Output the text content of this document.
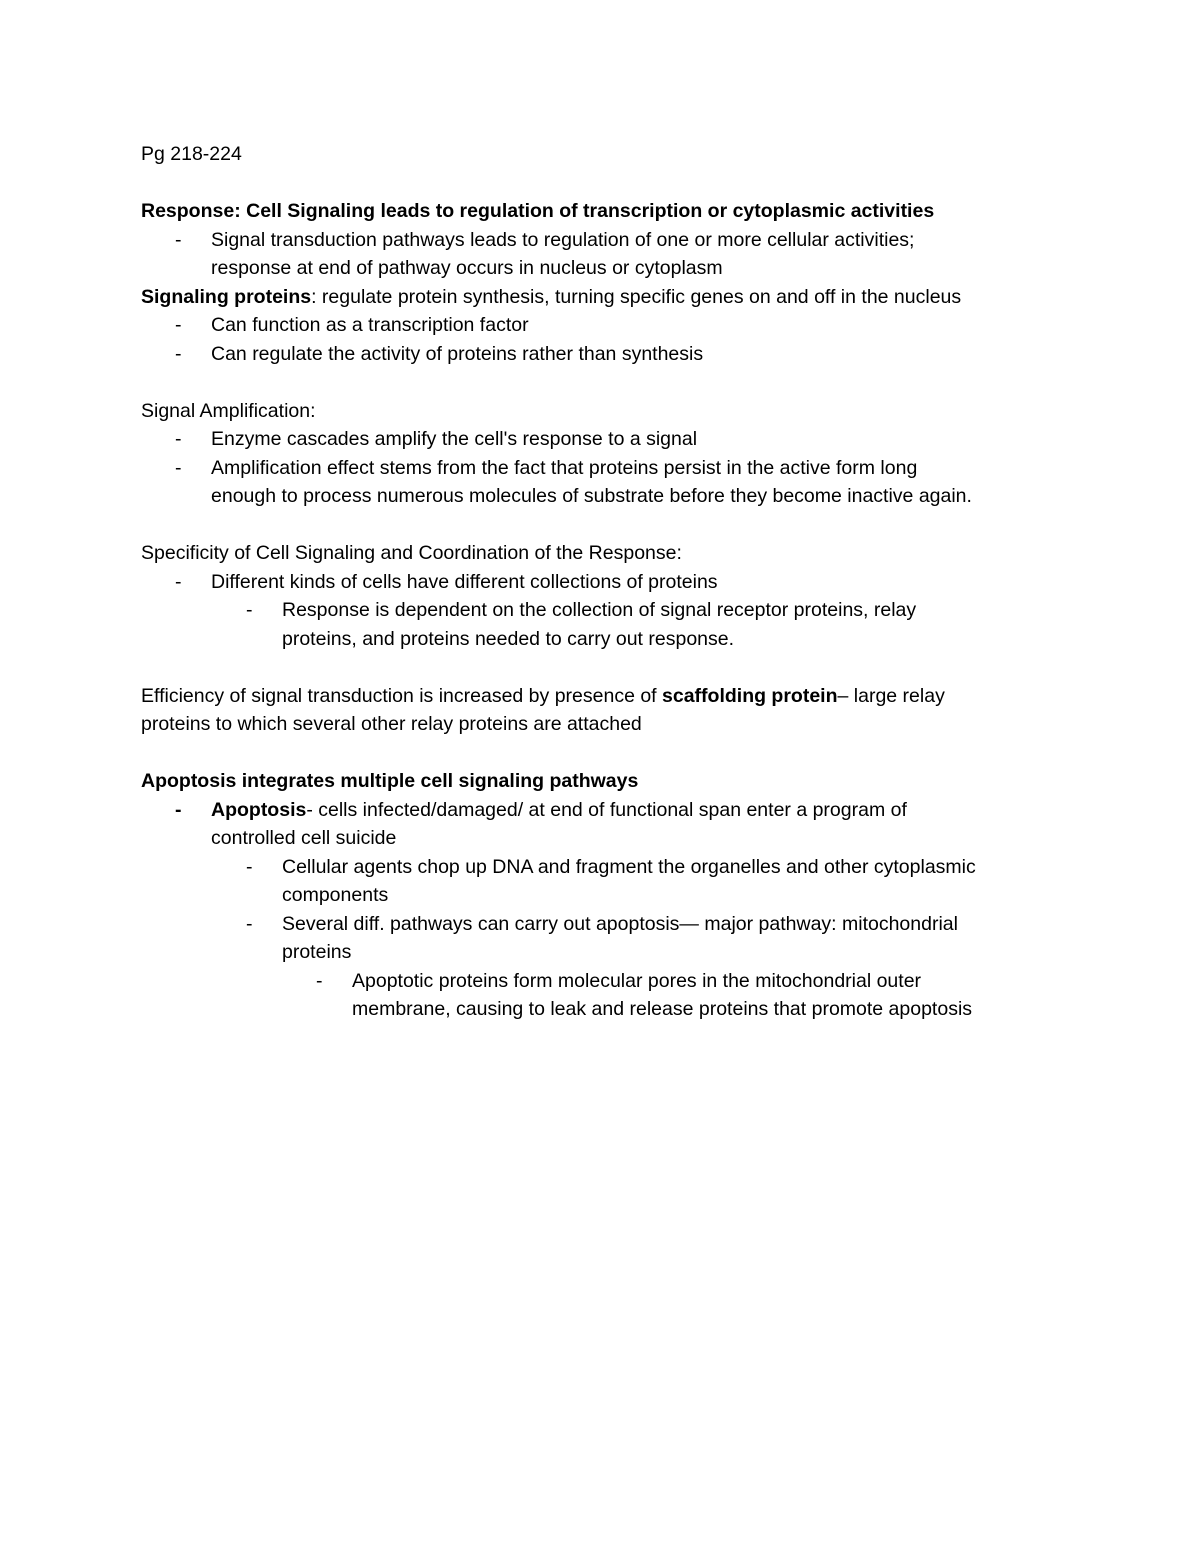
Pg 218-224
Response: Cell Signaling leads to regulation of transcription or cytoplasmic activities
-	Signal transduction pathways leads to regulation of one or more cellular activities;
response at end of pathway occurs in nucleus or cytoplasm
Signaling proteins: regulate protein synthesis, turning specific genes on and off in the nucleus
-	Can function as a transcription factor
-	Can regulate the activity of proteins rather than synthesis
Signal Amplification:
-	Enzyme cascades amplify the cell's response to a signal
-	Amplification effect stems from the fact that proteins persist in the active form long
enough to process numerous molecules of substrate before they become inactive again.
Specificity of Cell Signaling and Coordination of the Response:
-	Different kinds of cells have different collections of proteins
-	Response is dependent on the collection of signal receptor proteins, relay
proteins, and proteins needed to carry out response.
Efficiency of signal transduction is increased by presence of scaffolding protein– large relay
proteins to which several other relay proteins are attached
Apoptosis integrates multiple cell signaling pathways
-	Apoptosis- cells infected/damaged/ at end of functional span enter a program of
controlled cell suicide
-	Cellular agents chop up DNA and fragment the organelles and other cytoplasmic
components
-	Several diff. pathways can carry out apoptosis— major pathway: mitochondrial
proteins
-	Apoptotic proteins form molecular pores in the mitochondrial outer
membrane, causing to leak and release proteins that promote apoptosis
